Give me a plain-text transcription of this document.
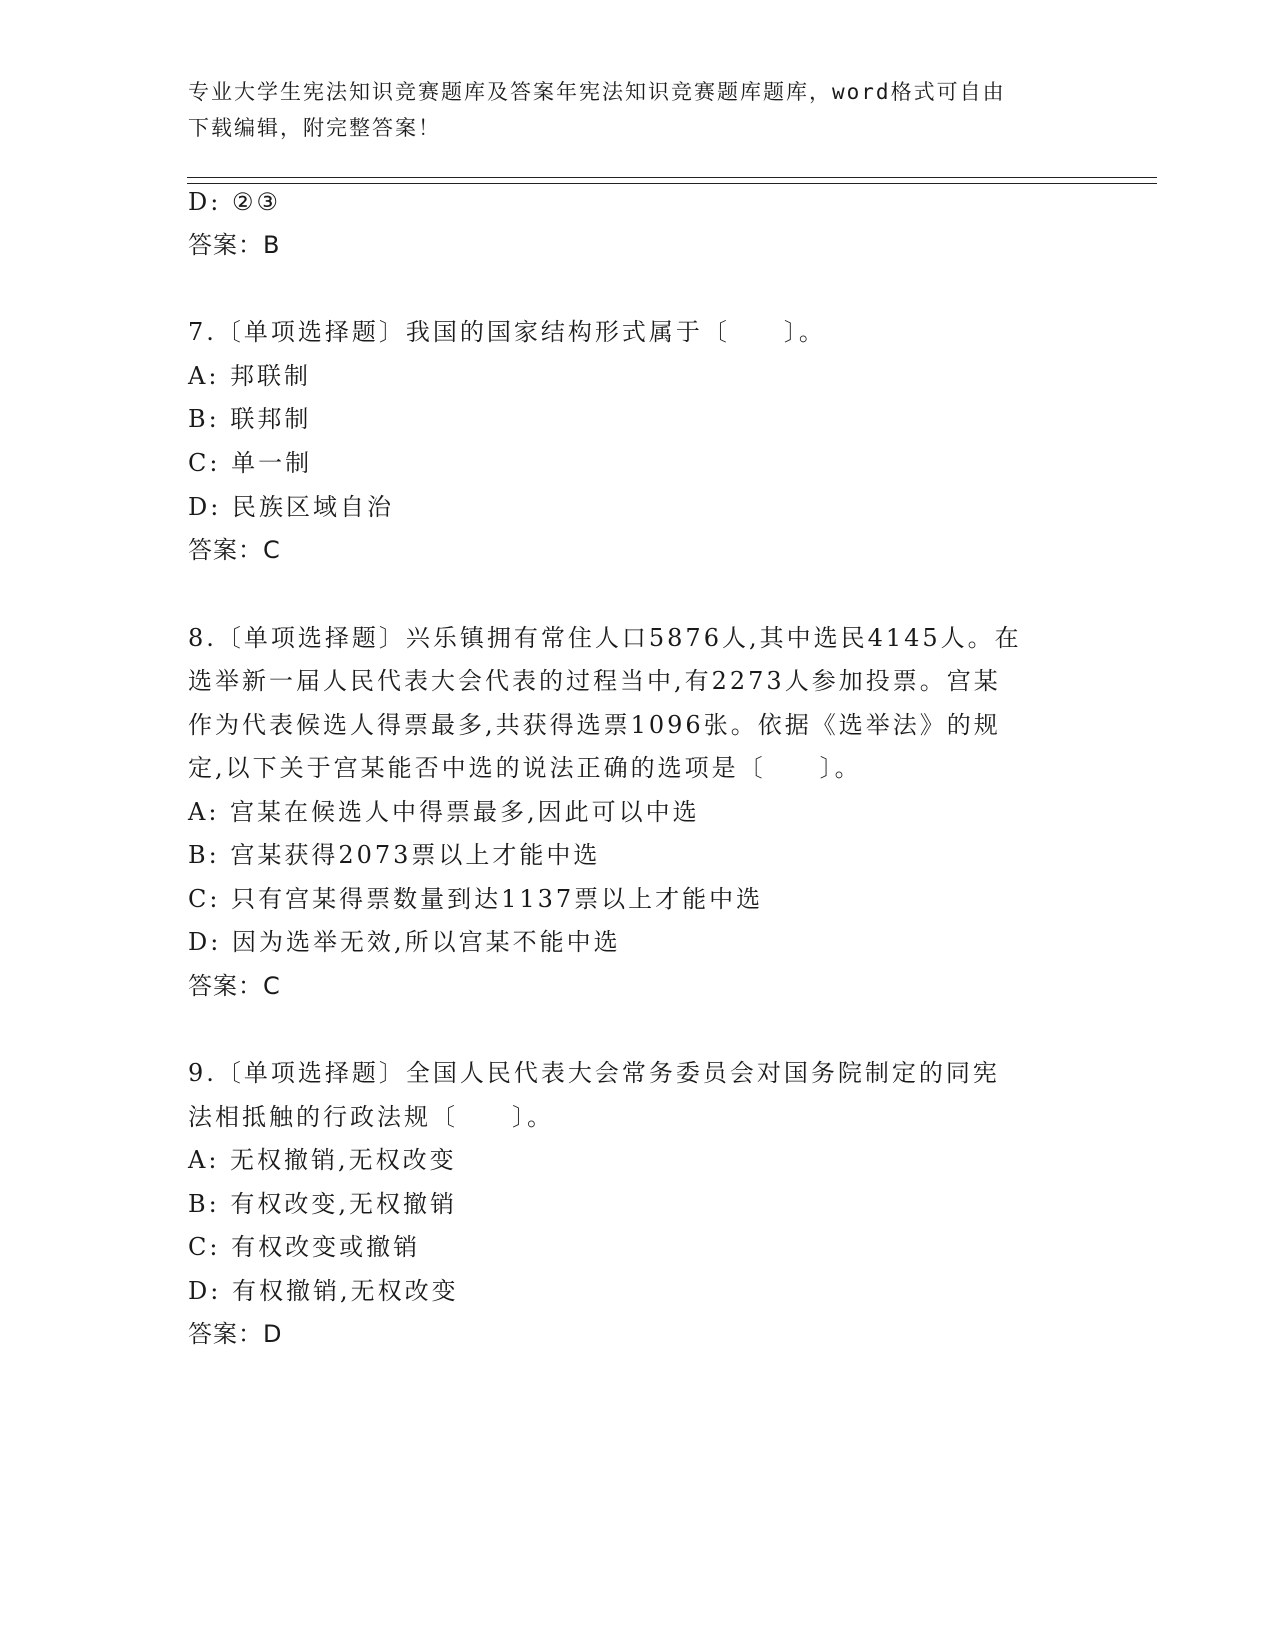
专业大学生宪法知识竞赛题库及答案年宪法知识竞赛题库题库，word格式可自由
下载编辑，附完整答案！
D: ②③
答案：B
7.〔单项选择题〕我国的国家结构形式属于〔　　〕。
A: 邦联制
B: 联邦制
C: 单一制
D: 民族区域自治
答案：C
8.〔单项选择题〕兴乐镇拥有常住人口5876人,其中选民4145人。在
选举新一届人民代表大会代表的过程当中,有2273人参加投票。宫某
作为代表候选人得票最多,共获得选票1096张。依据《选举法》的规
定,以下关于宫某能否中选的说法正确的选项是〔　　〕。
A: 宫某在候选人中得票最多,因此可以中选
B: 宫某获得2073票以上才能中选
C: 只有宫某得票数量到达1137票以上才能中选
D: 因为选举无效,所以宫某不能中选
答案：C
9.〔单项选择题〕全国人民代表大会常务委员会对国务院制定的同宪
法相抵触的行政法规〔　　〕。
A: 无权撤销,无权改变
B: 有权改变,无权撤销
C: 有权改变或撤销
D: 有权撤销,无权改变
答案：D
